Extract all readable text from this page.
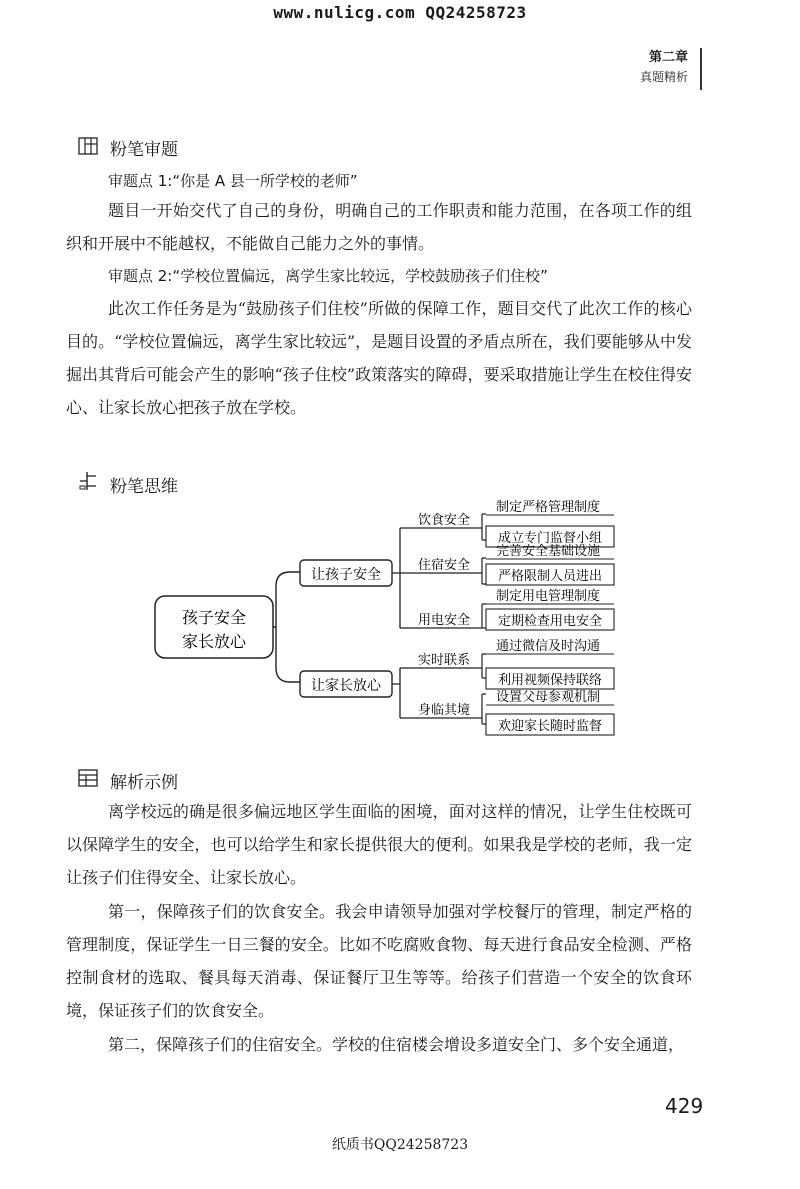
www.nulicg.com QQ24258723
第二章
真题精析
粉笔审题
审题点 1:“你是 A 县一所学校的老师”
题目一开始交代了自己的身份，明确自己的工作职责和能力范围，在各项工作的组织和开展中不能越权，不能做自己能力之外的事情。
审题点 2:“学校位置偏远，离学生家比较远，学校鼓励孩子们住校”
此次工作任务是为“鼓励孩子们住校”所做的保障工作，题目交代了此次工作的核心目的。“学校位置偏远，离学生家比较远”，是题目设置的矛盾点所在，我们要能够从中发掘出其背后可能会产生的影响“孩子住校”政策落实的障碍，要采取措施让学生在校住得安心、让家长放心把孩子放在学校。
粉笔思维
孩子安全
家长放心
让孩子安全
饮食安全
住宿安全
用电安全
制定严格管理制度
成立专门监督小组
完善安全基础设施
严格限制人员进出
制定用电管理制度
定期检查用电安全
让家长放心
实时联系
身临其境
通过微信及时沟通
利用视频保持联络
设置父母参观机制
欢迎家长随时监督
解析示例
离学校远的确是很多偏远地区学生面临的困境，面对这样的情况，让学生住校既可以保障学生的安全，也可以给学生和家长提供很大的便利。如果我是学校的老师，我一定让孩子们住得安全、让家长放心。
第一，保障孩子们的饮食安全。我会申请领导加强对学校餐厅的管理，制定严格的管理制度，保证学生一日三餐的安全。比如不吃腐败食物、每天进行食品安全检测、严格控制食材的选取、餐具每天消毒、保证餐厅卫生等等。给孩子们营造一个安全的饮食环境，保证孩子们的饮食安全。
第二，保障孩子们的住宿安全。学校的住宿楼会增设多道安全门、多个安全通道，
429
纸质书QQ24258723
